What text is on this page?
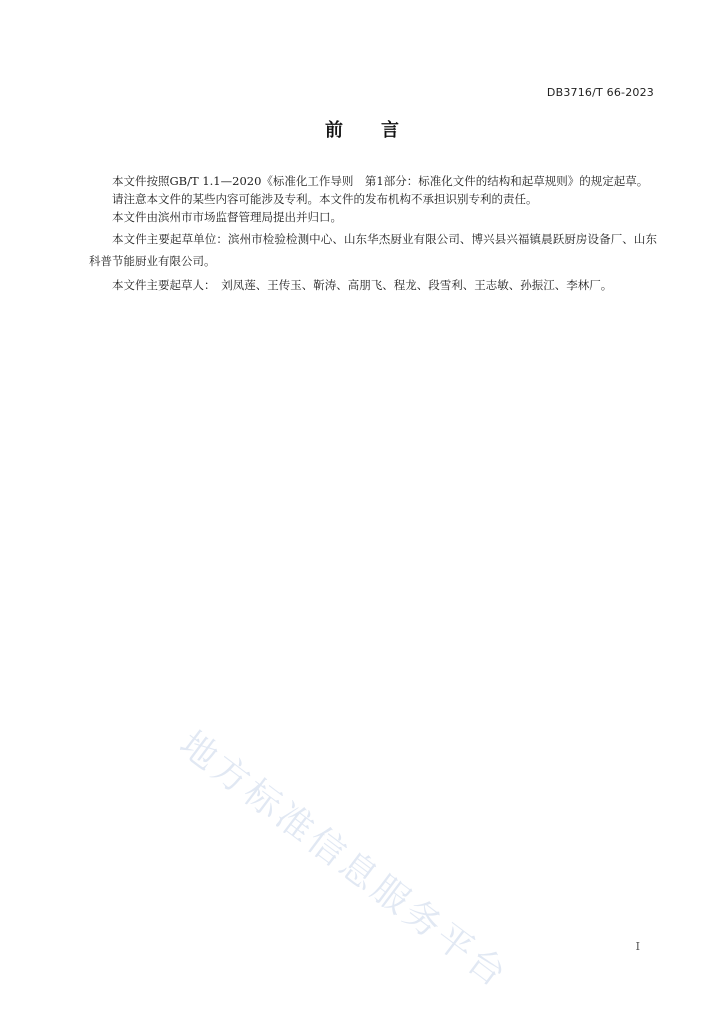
DB3716/T 66-2023
前言

本文件按照GB/T 1.1—2020《标准化工作导则　第1部分：标准化文件的结构和起草规则》的规定起草。

请注意本文件的某些内容可能涉及专利。本文件的发布机构不承担识别专利的责任。

本文件由滨州市市场监督管理局提出并归口。

本文件主要起草单位：滨州市检验检测中心、山东华杰厨业有限公司、博兴县兴福镇晨跃厨房设备厂、山东科普节能厨业有限公司。

本文件主要起草人：　刘凤莲、王传玉、靳涛、高朋飞、程龙、段雪利、王志敏、孙振江、李林厂。

地方标准信息服务平台	I
